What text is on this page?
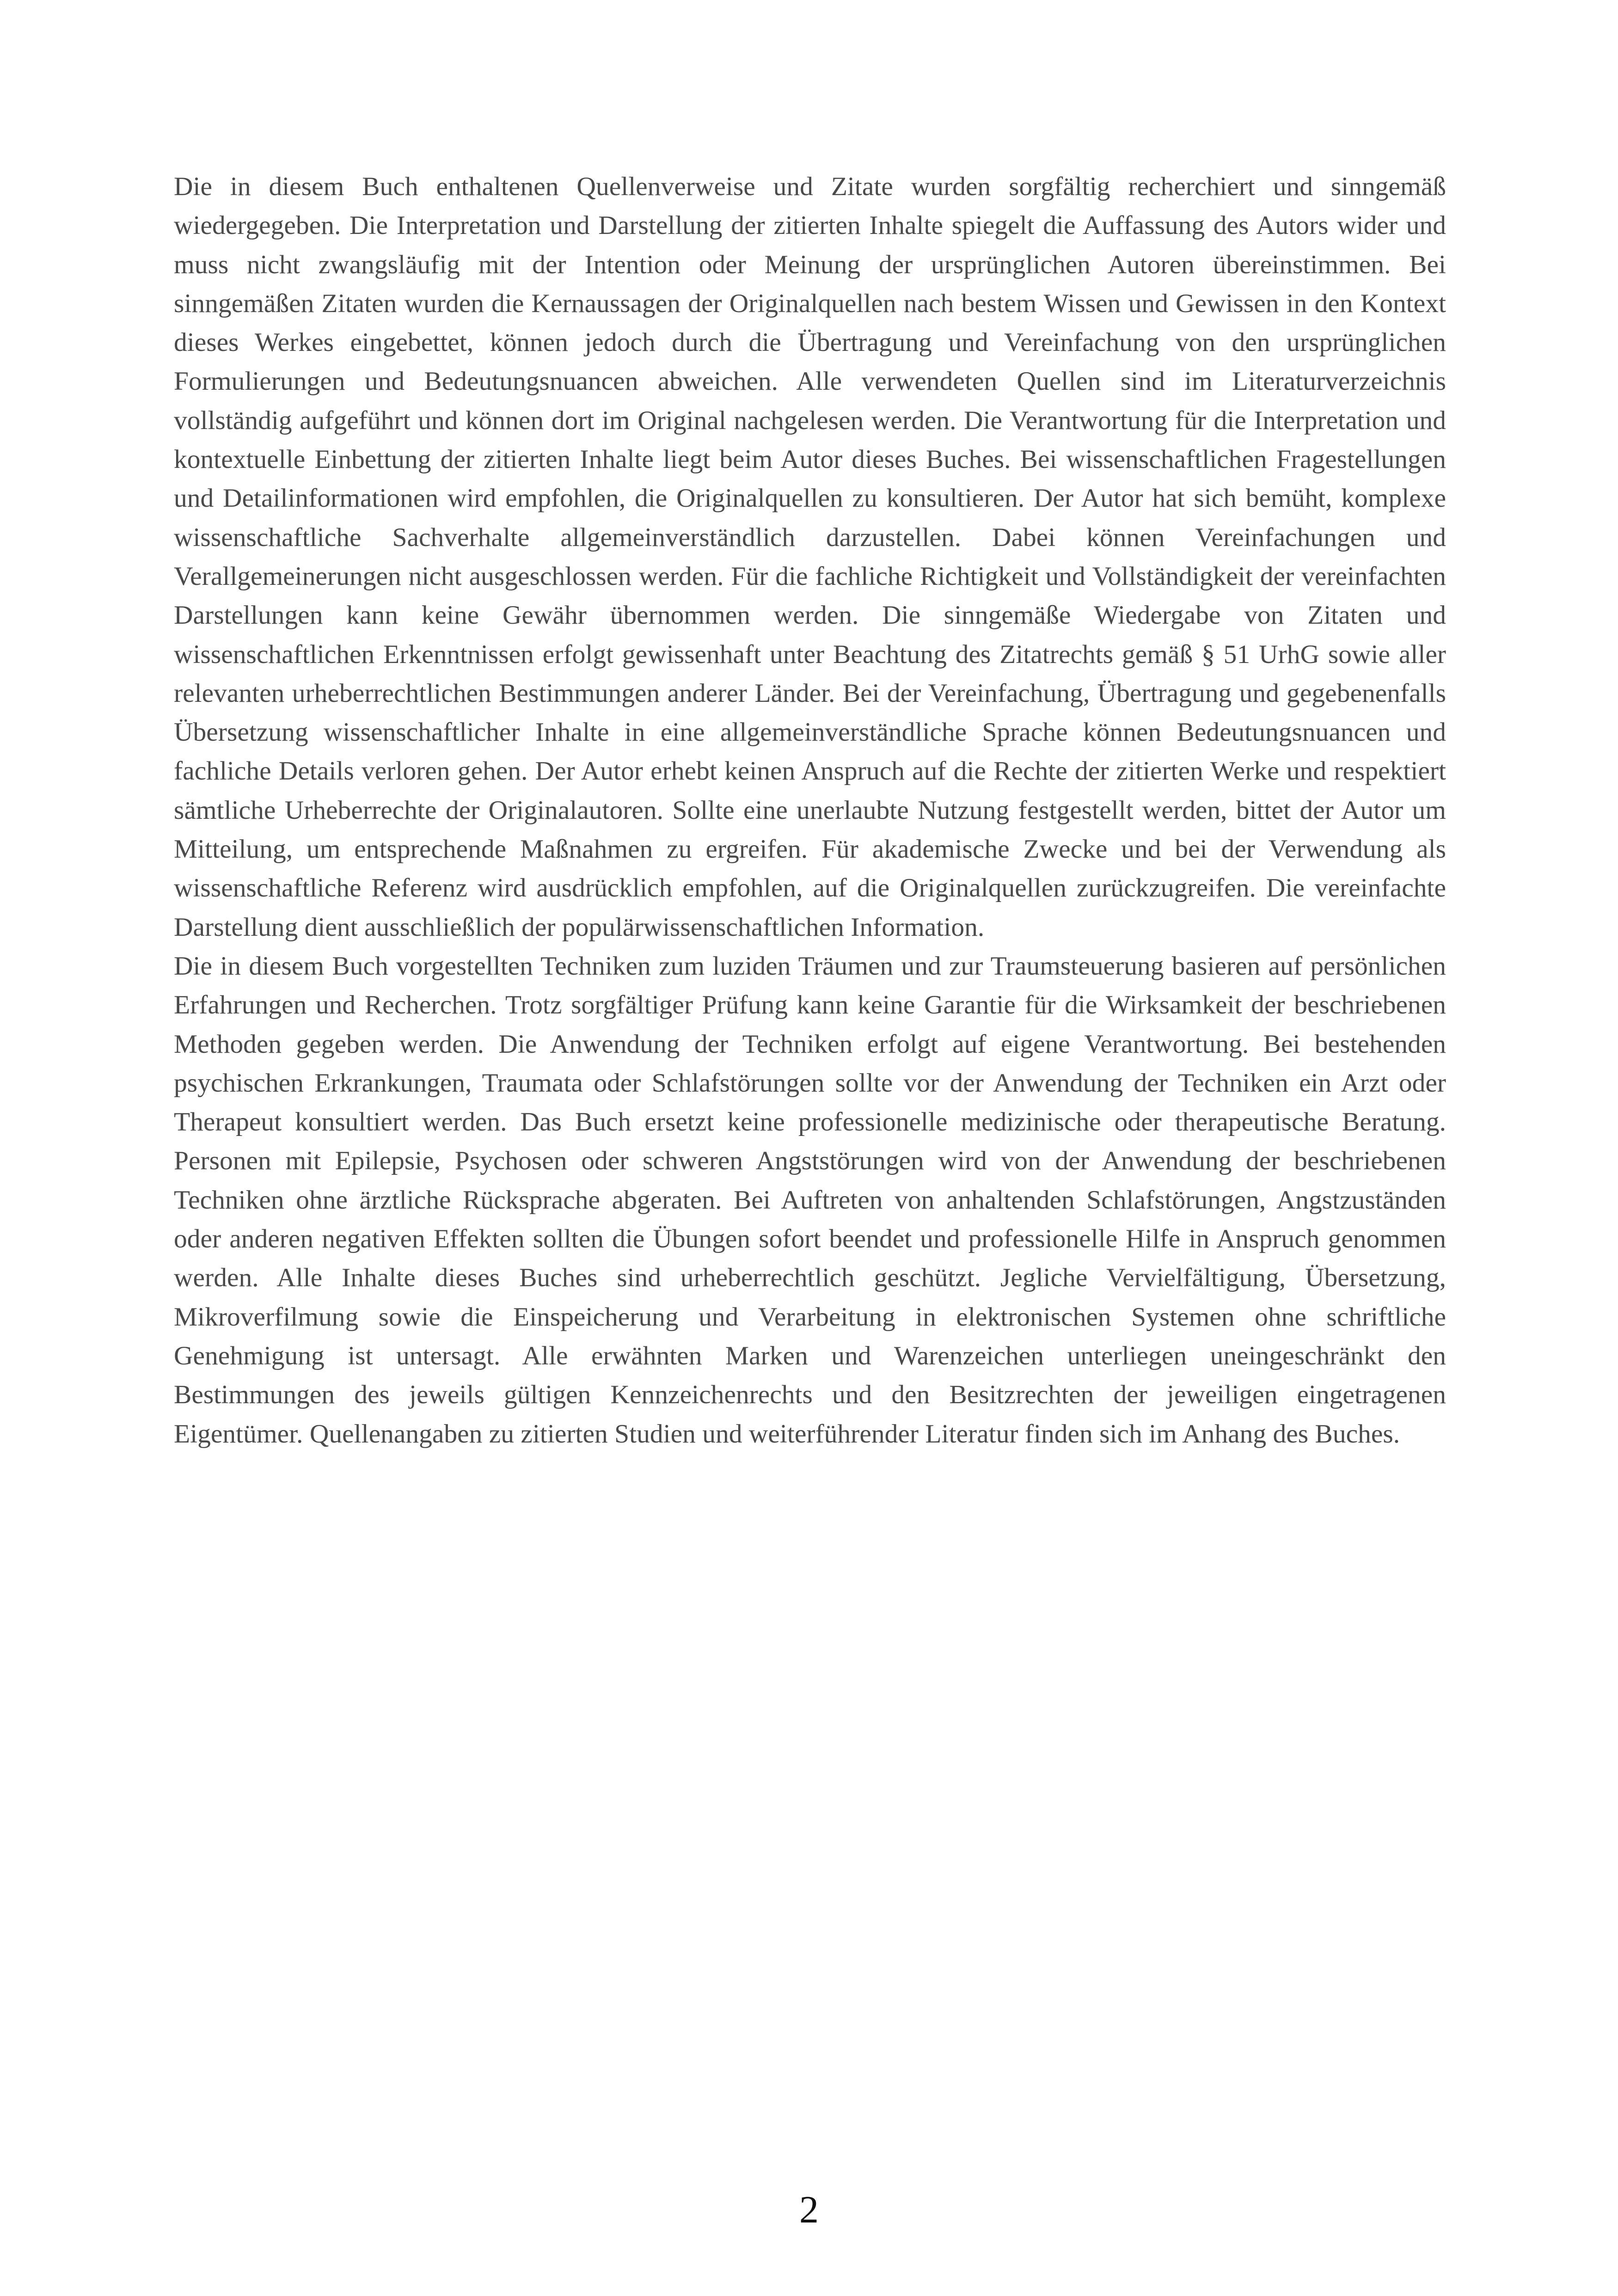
Die in diesem Buch enthaltenen Quellenverweise und Zitate wurden sorgfältig recherchiert und sinngemäß wiedergegeben. Die Interpretation und Darstellung der zitierten Inhalte spiegelt die Auffassung des Autors wider und muss nicht zwangsläufig mit der Intention oder Meinung der ursprünglichen Autoren übereinstimmen. Bei sinngemäßen Zitaten wurden die Kernaussagen der Originalquellen nach bestem Wissen und Gewissen in den Kontext dieses Werkes eingebettet, können jedoch durch die Übertragung und Vereinfachung von den ursprünglichen Formulierungen und Bedeutungsnuancen abweichen. Alle verwendeten Quellen sind im Literaturverzeichnis vollständig aufgeführt und können dort im Original nachgelesen werden. Die Verantwortung für die Interpretation und kontextuelle Einbettung der zitierten Inhalte liegt beim Autor dieses Buches. Bei wissenschaftlichen Fragestellungen und Detailinformationen wird empfohlen, die Originalquellen zu konsultieren. Der Autor hat sich bemüht, komplexe wissenschaftliche Sachverhalte allgemeinverständlich darzustellen. Dabei können Vereinfachungen und Verallgemeinerungen nicht ausgeschlossen werden. Für die fachliche Richtigkeit und Vollständigkeit der vereinfachten Darstellungen kann keine Gewähr übernommen werden. Die sinngemäße Wiedergabe von Zitaten und wissenschaftlichen Erkenntnissen erfolgt gewissenhaft unter Beachtung des Zitatrechts gemäß § 51 UrhG sowie aller relevanten urheberrechtlichen Bestimmungen anderer Länder. Bei der Vereinfachung, Übertragung und gegebenenfalls Übersetzung wissenschaftlicher Inhalte in eine allgemeinverständliche Sprache können Bedeutungsnuancen und fachliche Details verloren gehen. Der Autor erhebt keinen Anspruch auf die Rechte der zitierten Werke und respektiert sämtliche Urheberrechte der Originalautoren. Sollte eine unerlaubte Nutzung festgestellt werden, bittet der Autor um Mitteilung, um entsprechende Maßnahmen zu ergreifen. Für akademische Zwecke und bei der Verwendung als wissenschaftliche Referenz wird ausdrücklich empfohlen, auf die Originalquellen zurückzugreifen. Die vereinfachte Darstellung dient ausschließlich der populärwissenschaftlichen Information.

Die in diesem Buch vorgestellten Techniken zum luziden Träumen und zur Traumsteuerung basieren auf persönlichen Erfahrungen und Recherchen. Trotz sorgfältiger Prüfung kann keine Garantie für die Wirksamkeit der beschriebenen Methoden gegeben werden. Die Anwendung der Techniken erfolgt auf eigene Verantwortung. Bei bestehenden psychischen Erkrankungen, Traumata oder Schlafstörungen sollte vor der Anwendung der Techniken ein Arzt oder Therapeut konsultiert werden. Das Buch ersetzt keine professionelle medizinische oder therapeutische Beratung. Personen mit Epilepsie, Psychosen oder schweren Angststörungen wird von der Anwendung der beschriebenen Techniken ohne ärztliche Rücksprache abgeraten. Bei Auftreten von anhaltenden Schlafstörungen, Angstzuständen oder anderen negativen Effekten sollten die Übungen sofort beendet und professionelle Hilfe in Anspruch genommen werden. Alle Inhalte dieses Buches sind urheberrechtlich geschützt. Jegliche Vervielfältigung, Übersetzung, Mikroverfilmung sowie die Einspeicherung und Verarbeitung in elektronischen Systemen ohne schriftliche Genehmigung ist untersagt. Alle erwähnten Marken und Warenzeichen unterliegen uneingeschränkt den Bestimmungen des jeweils gültigen Kennzeichenrechts und den Besitzrechten der jeweiligen eingetragenen Eigentümer. Quellenangaben zu zitierten Studien und weiterführender Literatur finden sich im Anhang des Buches.

2
